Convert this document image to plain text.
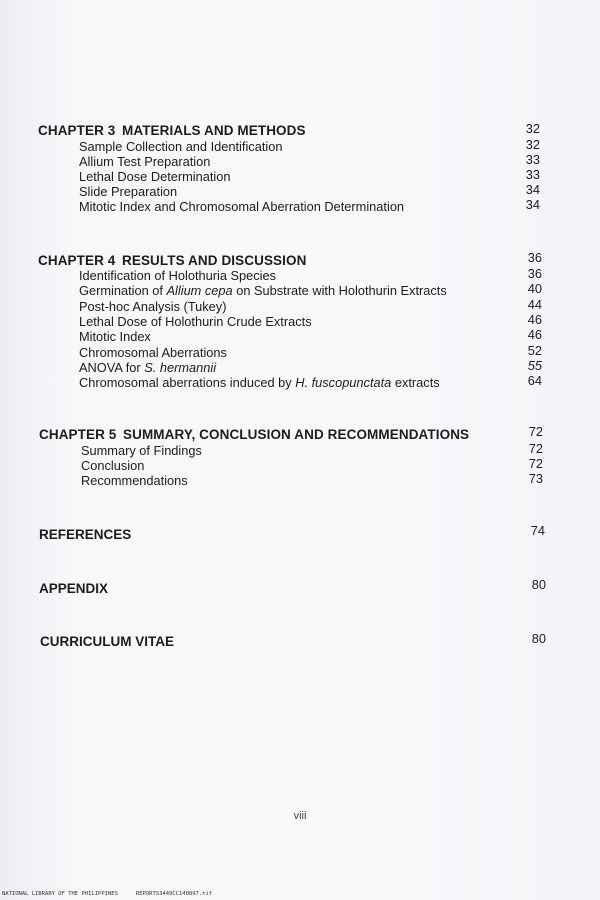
CHAPTER 3 MATERIALS AND METHODS	32
Sample Collection and Identification	32
Allium Test Preparation	33
Lethal Dose Determination	33
Slide Preparation	34
Mitotic Index and Chromosomal Aberration Determination	34
CHAPTER 4 RESULTS AND DISCUSSION	36
Identification of Holothuria Species	36
Germination of Allium cepa on Substrate with Holothurin Extracts	40
Post-hoc Analysis (Tukey)	44
Lethal Dose of Holothurin Crude Extracts	46
Mitotic Index	46
Chromosomal Aberrations	52
ANOVA for S. hermannii	55
Chromosomal aberrations induced by H. fuscopunctata extracts	64
CHAPTER 5 SUMMARY, CONCLUSION AND RECOMMENDATIONS	72
Summary of Findings	72
Conclusion	72
Recommendations	73
REFERENCES	74
APPENDIX	80
CURRICULUM VITAE	80
viii
NATIONAL LIBRARY OF THE PHILIPPINES	REPORTS3449CC140897.tif
